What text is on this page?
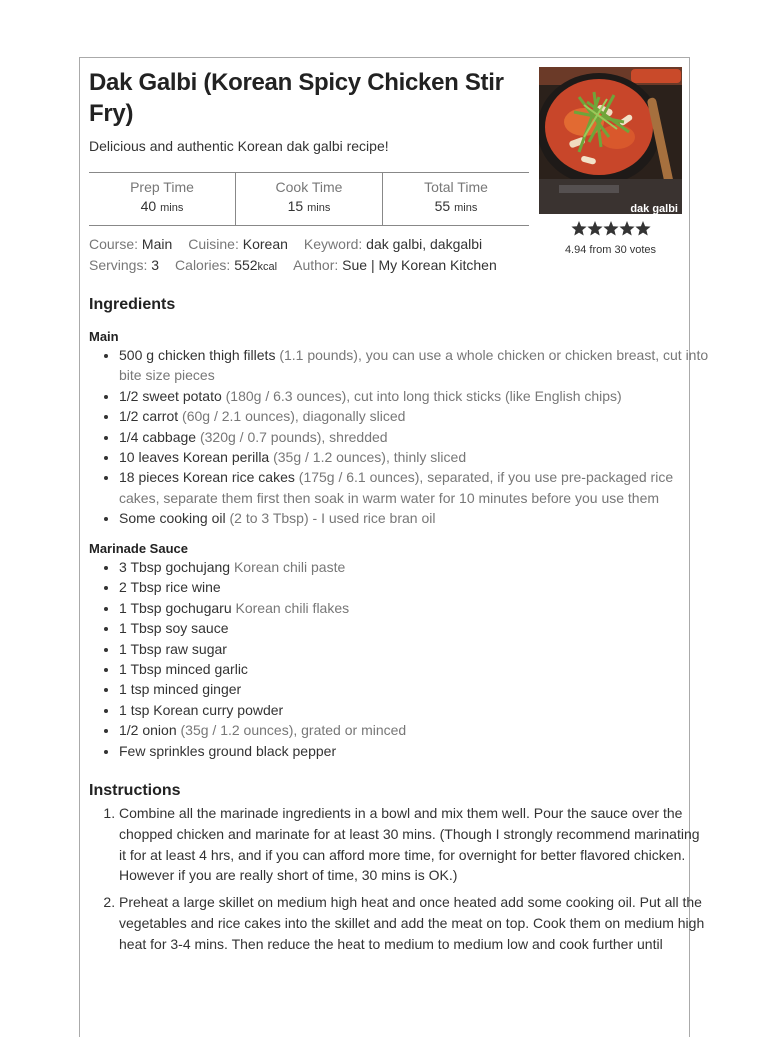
Dak Galbi (Korean Spicy Chicken Stir Fry)
Delicious and authentic Korean dak galbi recipe!
Prep Time
40 mins
Cook Time
15 mins
Total Time
55 mins
Course: Main Cuisine: Korean Keyword: dak galbi, dakgalbi
Servings: 3 Calories: 552kcal Author: Sue | My Korean Kitchen
dak galbi
4.94 from 30 votes
Ingredients
Main
• 500 g chicken thigh fillets (1.1 pounds), you can use a whole chicken or chicken breast, cut into bite size pieces
• 1/2 sweet potato (180g / 6.3 ounces), cut into long thick sticks (like English chips)
• 1/2 carrot (60g / 2.1 ounces), diagonally sliced
• 1/4 cabbage (320g / 0.7 pounds), shredded
• 10 leaves Korean perilla (35g / 1.2 ounces), thinly sliced
• 18 pieces Korean rice cakes (175g / 6.1 ounces), separated, if you use pre-packaged rice cakes, separate them first then soak in warm water for 10 minutes before you use them
• Some cooking oil (2 to 3 Tbsp) - I used rice bran oil
Marinade Sauce
• 3 Tbsp gochujang Korean chili paste
• 2 Tbsp rice wine
• 1 Tbsp gochugaru Korean chili flakes
• 1 Tbsp soy sauce
• 1 Tbsp raw sugar
• 1 Tbsp minced garlic
• 1 tsp minced ginger
• 1 tsp Korean curry powder
• 1/2 onion (35g / 1.2 ounces), grated or minced
• Few sprinkles ground black pepper
Instructions
1. Combine all the marinade ingredients in a bowl and mix them well. Pour the sauce over the chopped chicken and marinate for at least 30 mins. (Though I strongly recommend marinating it for at least 4 hrs, and if you can afford more time, for overnight for better flavored chicken. However if you are really short of time, 30 mins is OK.)
2. Preheat a large skillet on medium high heat and once heated add some cooking oil. Put all the vegetables and rice cakes into the skillet and add the meat on top. Cook them on medium high heat for 3-4 mins. Then reduce the heat to medium to medium low and cook further until
